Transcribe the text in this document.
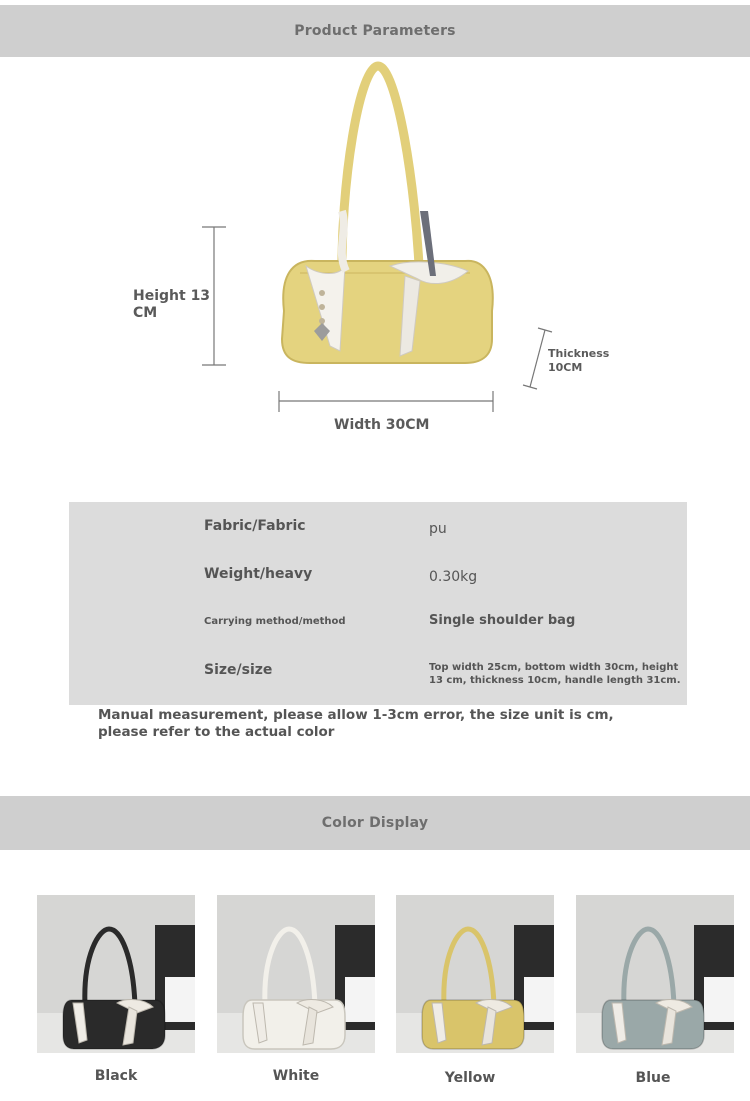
Product Parameters
Height 13 CM
Thickness 10CM
Width 30CM
Fabric/Fabric	pu
Weight/heavy	0.30kg
Carrying method/method	Single shoulder bag
Size/size	Top width 25cm, bottom width 30cm, height 13 cm, thickness 10cm, handle length 31cm.
Manual measurement, please allow 1-3cm error, the size unit is cm, please refer to the actual color
Color Display
Black	White	Yellow	Blue
